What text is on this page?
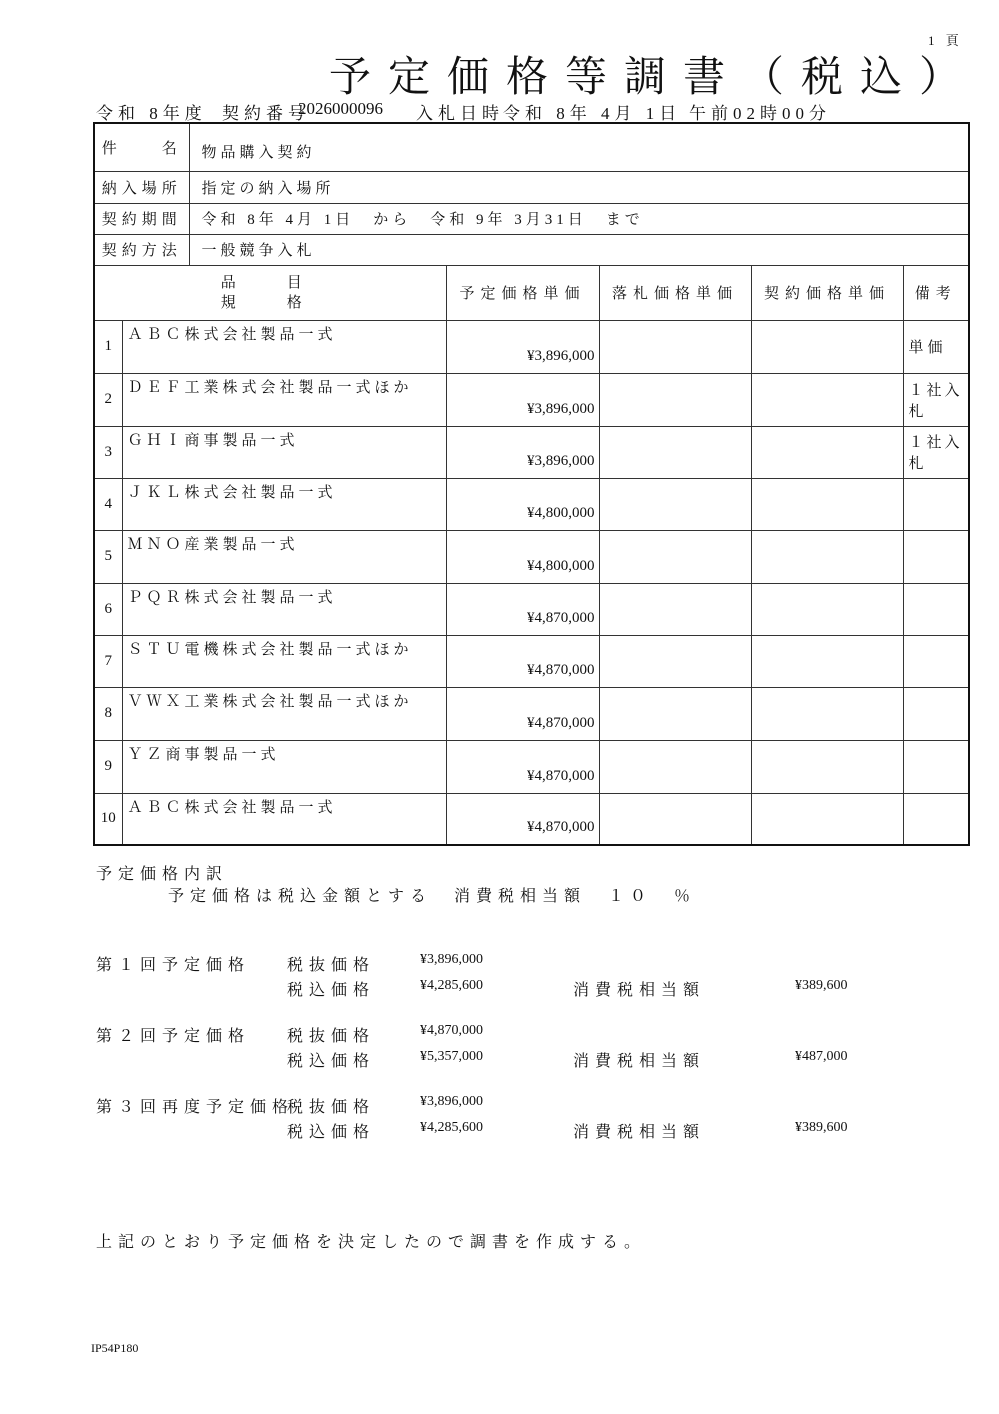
1 頁
予定価格等調書（税込）
令和 8年度 契約番号
2026000096 入札日時 令和 8年 4月 1日 午前02時00分
件　　名		物品購入契約				
納入場所		指定の納入場所				
契約期間		令和 8年 4月 1日　から　令和 9年 3月31日　まで				
契約方法		一般競争入札				

品　目
規　格			予定価格単価	落札価格単価	契約価格単価	備考
1	ＡＢＣ株式会社製品一式		¥3,896,000			単価
2	ＤＥＦ工業株式会社製品一式ほか		¥3,896,000			１社入札
3	ＧＨＩ商事製品一式		¥3,896,000			１社入札
4	ＪＫＬ株式会社製品一式		¥4,800,000			
5	ＭＮＯ産業製品一式		¥4,800,000			
6	ＰＱＲ株式会社製品一式		¥4,870,000			
7	ＳＴＵ電機株式会社製品一式ほか		¥4,870,000			
8	ＶＷＸ工業株式会社製品一式ほか		¥4,870,000			
9	ＹＺ商事製品一式		¥4,870,000			
10	ＡＢＣ株式会社製品一式		¥4,870,000			
予定価格内訳
予定価格は税込金額とする　消費税相当額　１０　％　
第１回予定価格 税抜価格	¥3,896,000
税込価格	¥4,285,600	消費税相当額	¥389,600
第２回予定価格 税抜価格	¥4,870,000
税込価格	¥5,357,000	消費税相当額	¥487,000
第３回再度予定価格
税抜価格	¥3,896,000
税込価格	¥4,285,600	消費税相当額	¥389,600
上記のとおり予定価格を決定したので調書を作成する。
IP54P180
